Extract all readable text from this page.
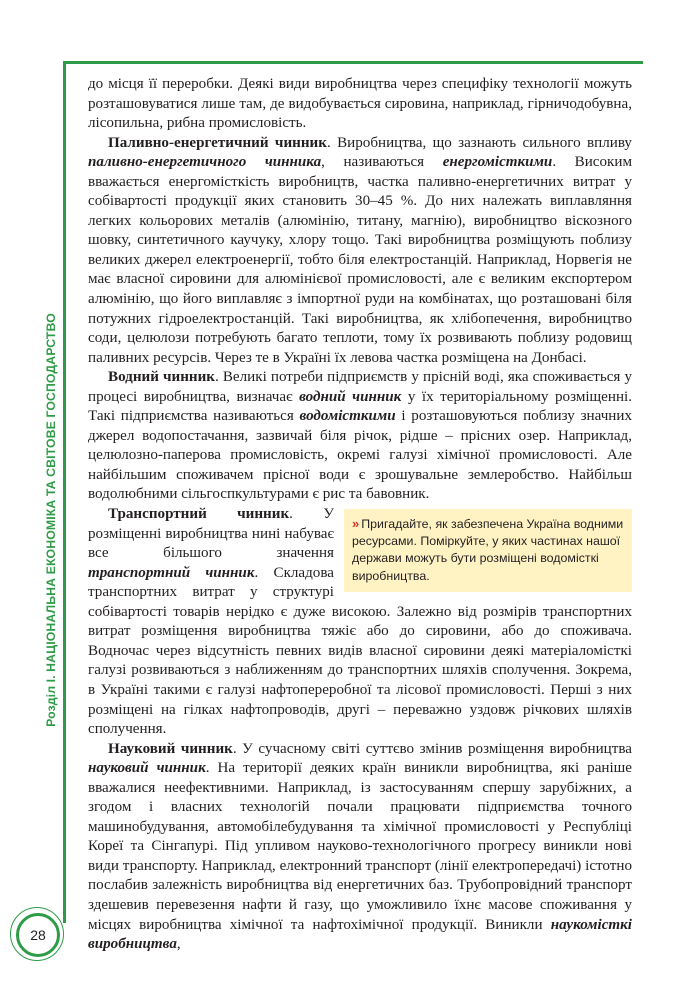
Розділ І. НАЦІОНАЛЬНА ЕКОНОМІКА ТА СВІТОВЕ ГОСПОДАРСТВО
28

до місця її переробки. Деякі види виробництва через специфіку технології можуть розташовуватися лише там, де видобувається сировина, наприклад, гірничодобувна, лісопильна, рибна промисловість.

Паливно-енергетичний чинник. Виробництва, що зазнають сильного впливу паливно-енергетичного чинника, називаються енергомісткими. Високим вважається енергомісткість виробництв, частка паливно-енергетичних витрат у собівартості продукції яких становить 30–45 %. До них належать виплавляння легких кольорових металів (алюмінію, титану, магнію), виробництво віскозного шовку, синтетичного каучуку, хлору тощо. Такі виробництва розміщують поблизу великих джерел електроенергії, тобто біля електростанцій. Наприклад, Норвегія не має власної сировини для алюмінієвої промисловості, але є великим експортером алюмінію, що його виплавляє з імпортної руди на комбінатах, що розташовані біля потужних гідроелектростанцій. Такі виробництва, як хлібопечення, виробництво соди, целюлози потребують багато теплоти, тому їх розвивають поблизу родовищ паливних ресурсів. Через те в Україні їх левова частка розміщена на Донбасі.

Водний чинник. Великі потреби підприємств у прісній воді, яка споживається у процесі виробництва, визначає водний чинник у їх територіальному розміщенні. Такі підприємства називаються водомісткими і розташовуються поблизу значних джерел водопостачання, зазвичай біля річок, рідше – прісних озер. Наприклад, целюлозно-паперова промисловість, окремі галузі хімічної промисловості. Але найбільшим споживачем прісної води є зрошувальне землеробство. Найбільш водолюбними сільгоспкультурами є рис та бавовник.
» Пригадайте, як забезпечена Україна водними ресурсами. Поміркуйте, у яких частинах нашої держави можуть бути розміщені водомісткі виробництва.

Транспортний чинник. У розміщенні виробництва нині набуває все більшого значення транспортний чинник. Складова транспортних витрат у структурі собівартості товарів нерідко є дуже високою. Залежно від розмірів транспортних витрат розміщення виробництва тяжіє або до сировини, або до споживача. Водночас через відсутність певних видів власної сировини деякі матеріаломісткі галузі розвиваються з наближенням до транспортних шляхів сполучення. Зокрема, в Україні такими є галузі нафтопереробної та лісової промисловості. Перші з них розміщені на гілках нафтопроводів, другі – переважно уздовж річкових шляхів сполучення.

Науковий чинник. У сучасному світі суттєво змінив розміщення виробництва науковий чинник. На території деяких країн виникли виробництва, які раніше вважалися неефективними. Наприклад, із застосуванням спершу зарубіжних, а згодом і власних технологій почали працювати підприємства точного машинобудування, автомобілебудування та хімічної промисловості у Республіці Кореї та Сінгапурі. Під упливом науково-технологічного прогресу виникли нові види транспорту. Наприклад, електронний транспорт (лінії електропередачі) істотно послабив залежність виробництва від енергетичних баз. Трубопровідний транспорт здешевив перевезення нафти й газу, що уможливило їхнє масове споживання у місцях виробництва хімічної та нафтохімічної продукції. Виникли наукомісткі виробництва,
